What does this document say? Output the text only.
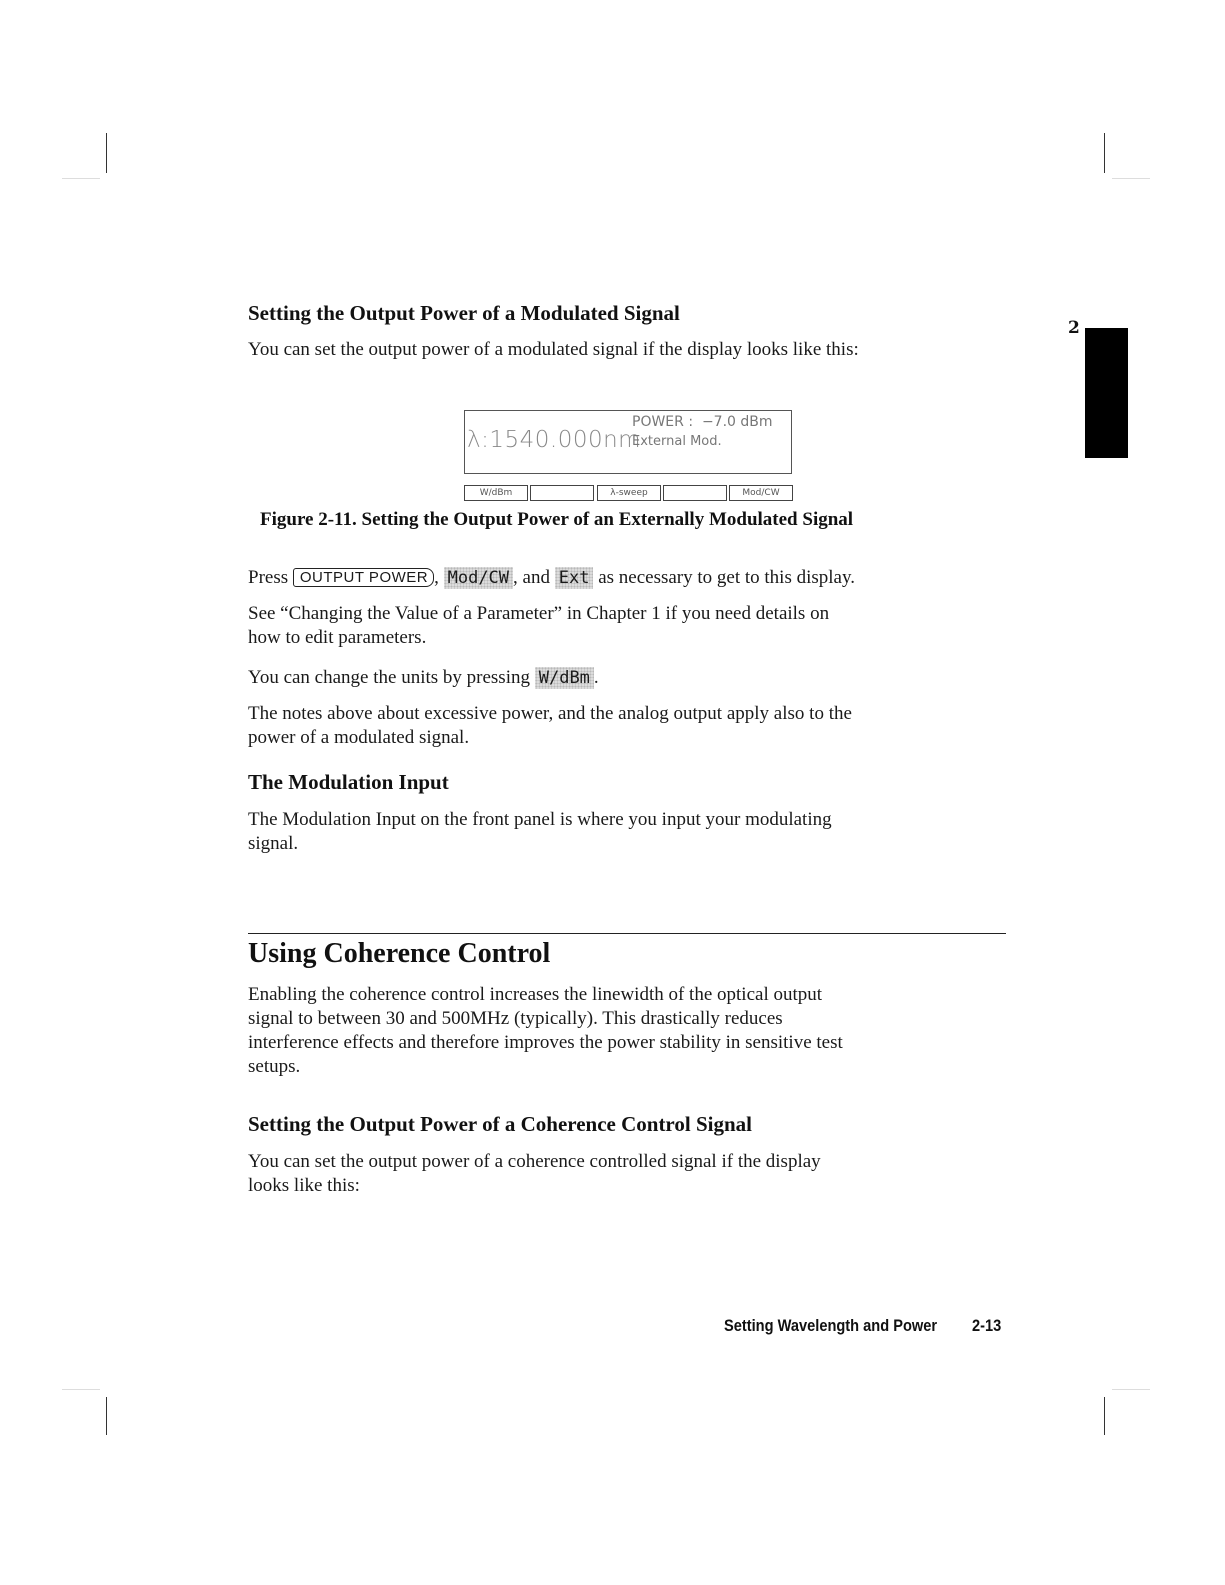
2
Setting the Output Power of a Modulated Signal
You can set the output power of a modulated signal if the display looks like this:
λ:1540.000nm
POWER :  −7.0 dBm
External Mod.
W/dBm	λ-sweep	Mod/CW
Figure 2-11. Setting the Output Power of an Externally Modulated Signal
Press OUTPUT POWER , Mod/CW , and Ext as necessary to get to this display.
See “Changing the Value of a Parameter” in Chapter 1 if you need details on
how to edit parameters.
You can change the units by pressing W/dBm .
The notes above about excessive power, and the analog output apply also to the
power of a modulated signal.
The Modulation Input
The Modulation Input on the front panel is where you input your modulating
signal.
Using Coherence Control
Enabling the coherence control increases the linewidth of the optical output
signal to between 30 and 500MHz (typically). This drastically reduces
interference effects and therefore improves the power stability in sensitive test
setups.
Setting the Output Power of a Coherence Control Signal
You can set the output power of a coherence controlled signal if the display
looks like this:
Setting Wavelength and Power 2-13
